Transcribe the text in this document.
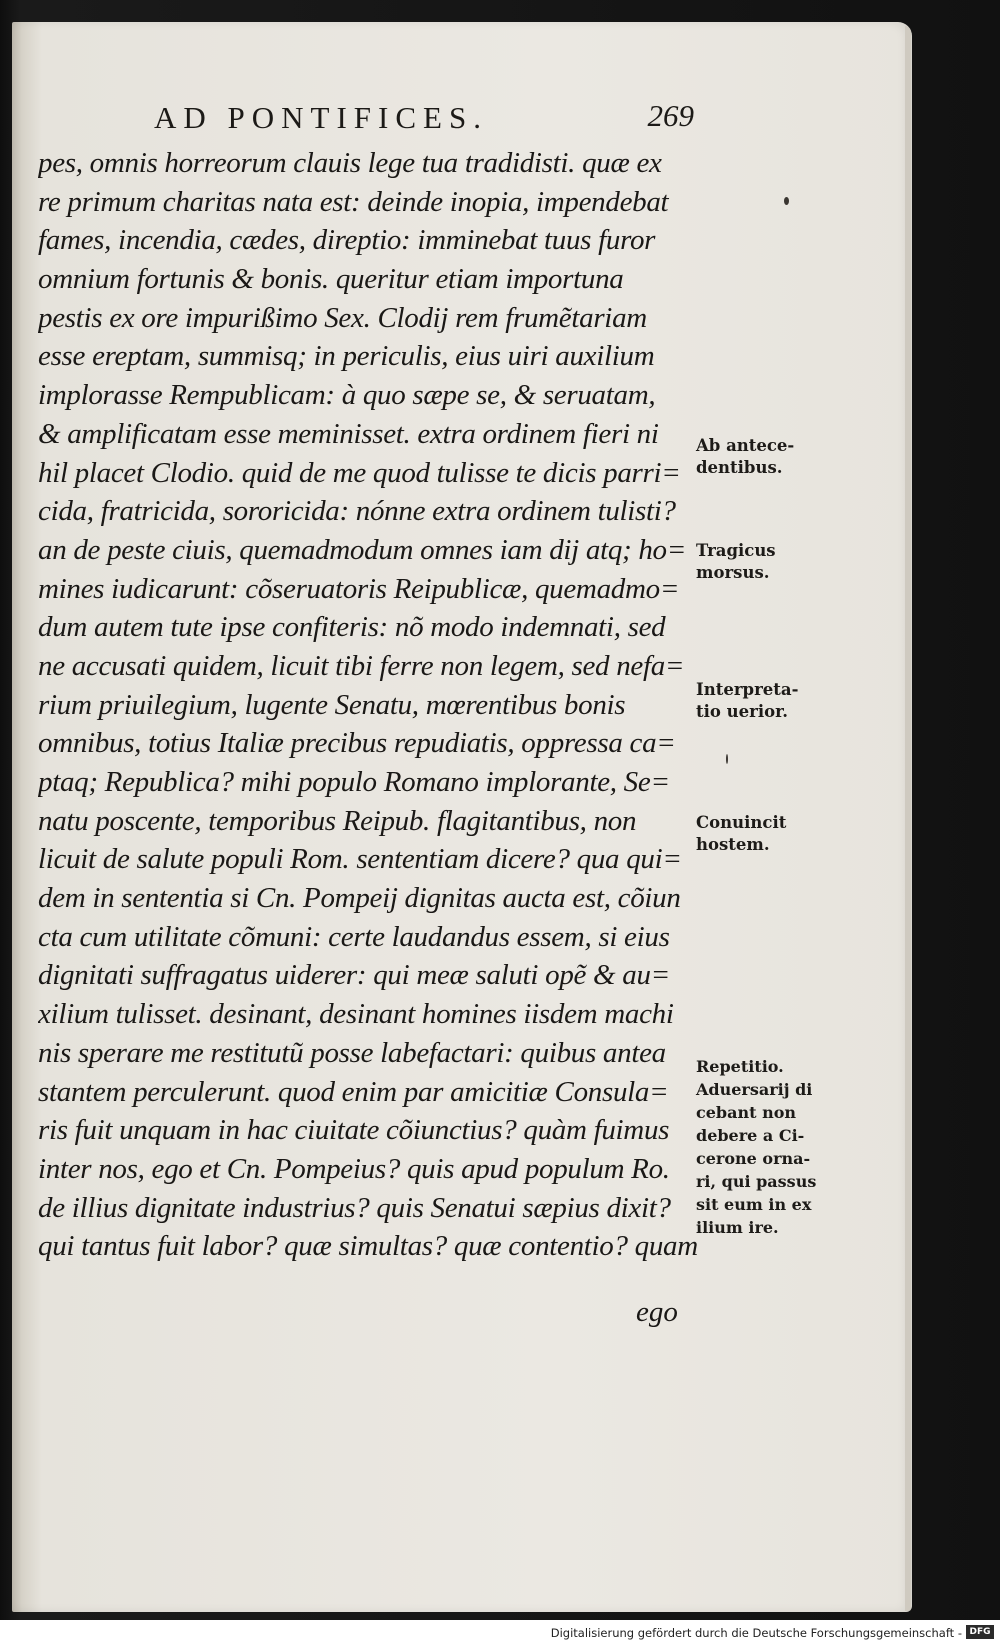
AD PONTIFICES.	269
pes, omnis horreorum clauis lege tua tradidisti. quæ ex
re primum charitas nata est: deinde inopia, impendebat
fames, incendia, cædes, direptio: imminebat tuus furor
omnium fortunis & bonis. queritur etiam importuna
pestis ex ore impurißimo Sex. Clodij rem frumẽtariam
esse ereptam, summisq; in periculis, eius uiri auxilium
implorasse Rempublicam: à quo sæpe se, & seruatam,
& amplificatam esse meminisset. extra ordinem fieri ni
hil placet Clodio. quid de me quod tulisse te dicis parri=
cida, fratricida, sororicida: nónne extra ordinem tulisti?
an de peste ciuis, quemadmodum omnes iam dij atq; ho=
mines iudicarunt: cõseruatoris Reipublicæ, quemadmo=
dum autem tute ipse confiteris: nõ modo indemnati, sed
ne accusati quidem, licuit tibi ferre non legem, sed nefa=
rium priuilegium, lugente Senatu, mœrentibus bonis
omnibus, totius Italiæ precibus repudiatis, oppressa ca=
ptaq; Republica? mihi populo Romano implorante, Se=
natu poscente, temporibus Reipub. flagitantibus, non
licuit de salute populi Rom. sententiam dicere? qua qui=
dem in sententia si Cn. Pompeij dignitas aucta est, cõiun
cta cum utilitate cõmuni: certe laudandus essem, si eius
dignitati suffragatus uiderer: qui meæ saluti opẽ & au=
xilium tulisset. desinant, desinant homines iisdem machi
nis sperare me restitutũ posse labefactari: quibus antea
stantem perculerunt. quod enim par amicitiæ Consula=
ris fuit unquam in hac ciuitate cõiunctius? quàm fuimus
inter nos, ego et Cn. Pompeius? quis apud populum Ro.
de illius dignitate industrius? quis Senatui sæpius dixit?
qui tantus fuit labor? quæ simultas? quæ contentio? quam
ego
Ab antece-
dentibus.
Tragicus
morsus.
Interpreta-
tio uerior.
Conuincit
hostem.
Repetitio.
Aduersarij di
cebant non
debere a Ci-
cerone orna-
ri, qui passus
sit eum in ex
ilium ire.
Digitalisierung gefördert durch die Deutsche Forschungsgemeinschaft - DFG
